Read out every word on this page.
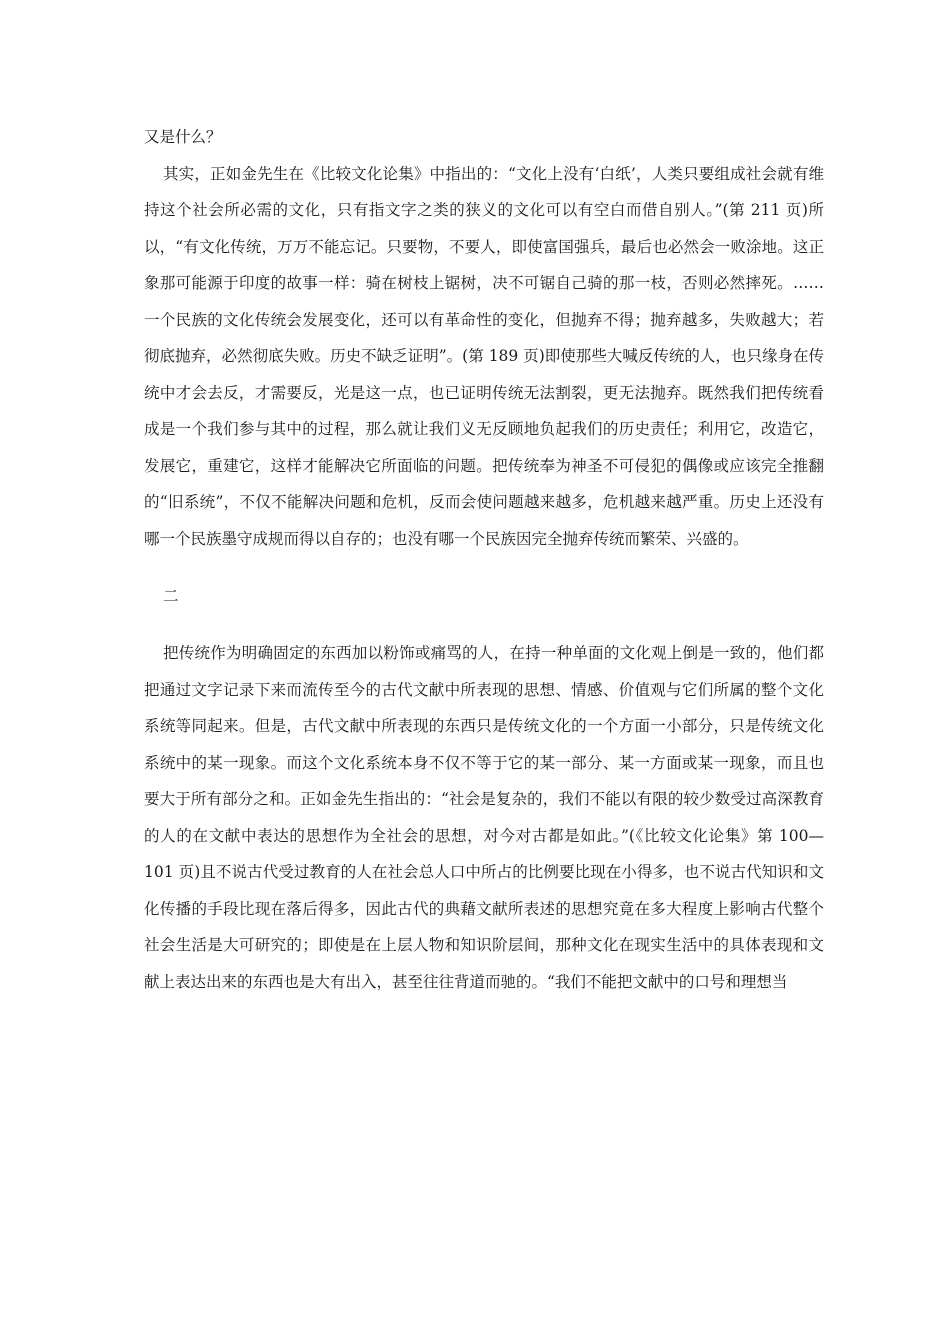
又是什么？

其实，正如金先生在《比较文化论集》中指出的：“文化上没有‘白纸’，人类只要组成社会就有维持这个社会所必需的文化，只有指文字之类的狭义的文化可以有空白而借自别人。”(第 211 页)所以，“有文化传统，万万不能忘记。只要物，不要人，即使富国强兵，最后也必然会一败涂地。这正象那可能源于印度的故事一样：骑在树枝上锯树，决不可锯自己骑的那一枝，否则必然摔死。……一个民族的文化传统会发展变化，还可以有革命性的变化，但抛弃不得；抛弃越多，失败越大；若彻底抛弃，必然彻底失败。历史不缺乏证明”。(第 189 页)即使那些大喊反传统的人，也只缘身在传统中才会去反，才需要反，光是这一点，也已证明传统无法割裂，更无法抛弃。既然我们把传统看成是一个我们参与其中的过程，那么就让我们义无反顾地负起我们的历史责任；利用它，改造它，发展它，重建它，这样才能解决它所面临的问题。把传统奉为神圣不可侵犯的偶像或应该完全推翻的“旧系统”，不仅不能解决问题和危机，反而会使问题越来越多，危机越来越严重。历史上还没有哪一个民族墨守成规而得以自存的；也没有哪一个民族因完全抛弃传统而繁荣、兴盛的。

二

把传统作为明确固定的东西加以粉饰或痛骂的人，在持一种单面的文化观上倒是一致的，他们都把通过文字记录下来而流传至今的古代文献中所表现的思想、情感、价值观与它们所属的整个文化系统等同起来。但是，古代文献中所表现的东西只是传统文化的一个方面一小部分，只是传统文化系统中的某一现象。而这个文化系统本身不仅不等于它的某一部分、某一方面或某一现象，而且也要大于所有部分之和。正如金先生指出的：“社会是复杂的，我们不能以有限的较少数受过高深教育的人的在文献中表达的思想作为全社会的思想，对今对古都是如此。”(《比较文化论集》第 100—101 页)且不说古代受过教育的人在社会总人口中所占的比例要比现在小得多，也不说古代知识和文化传播的手段比现在落后得多，因此古代的典藉文献所表述的思想究竟在多大程度上影响古代整个社会生活是大可研究的；即使是在上层人物和知识阶层间，那种文化在现实生活中的具体表现和文献上表达出来的东西也是大有出入，甚至往往背道而驰的。“我们不能把文献中的口号和理想当
